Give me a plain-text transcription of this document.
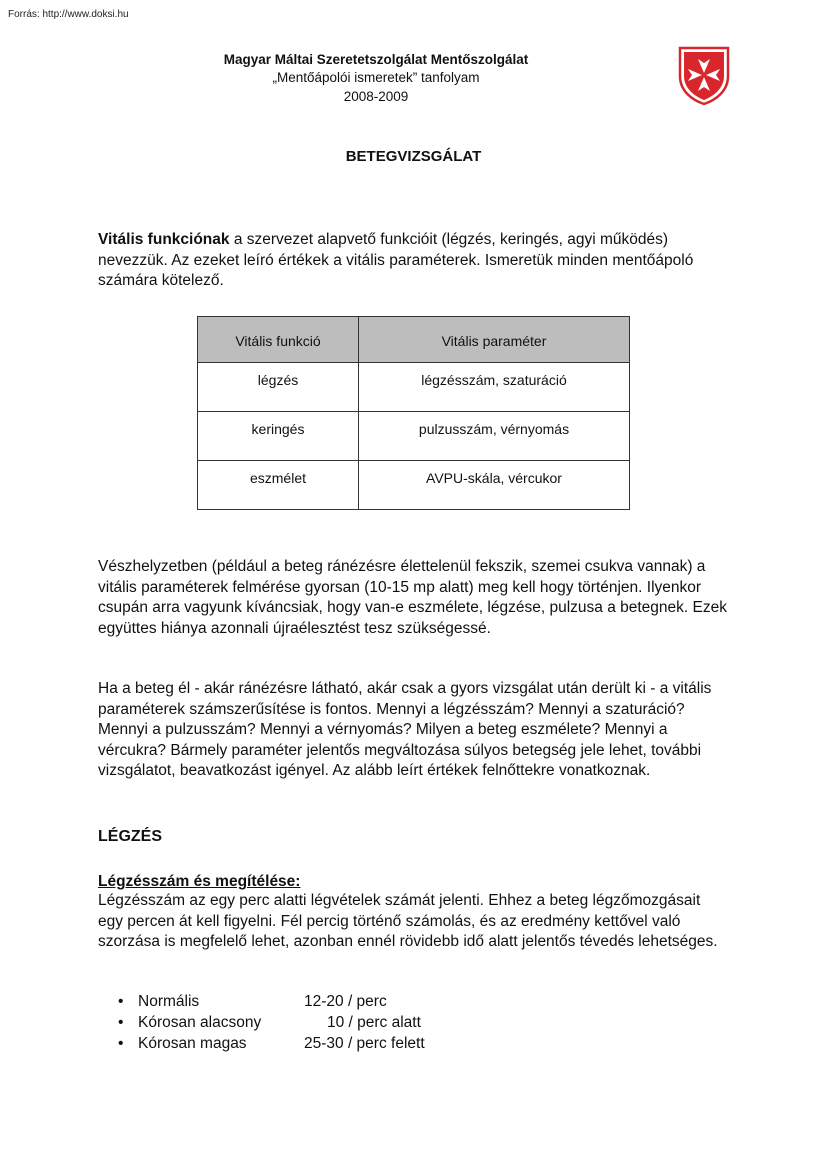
Forrás: http://www.doksi.hu
Magyar Máltai Szeretetszolgálat Mentőszolgálat
„Mentőápolói ismeretek” tanfolyam
2008-2009
BETEGVIZSGÁLAT

Vitális funkciónak a szervezet alapvető funkcióit (légzés, keringés, agyi működés) nevezzük. Az ezeket leíró értékek a vitális paraméterek. Ismeretük minden mentőápoló számára kötelező.

Vitális funkció	Vitális paraméter
légzés	légzésszám, szaturáció
keringés	pulzusszám, vérnyomás
eszmélet	AVPU-skála, vércukor

Vészhelyzetben (például a beteg ránézésre élettelenül fekszik, szemei csukva vannak) a vitális paraméterek felmérése gyorsan (10-15 mp alatt) meg kell hogy történjen. Ilyenkor csupán arra vagyunk kíváncsiak, hogy van-e eszmélete, légzése, pulzusa a betegnek. Ezek együttes hiánya azonnali újraélesztést tesz szükségessé.

Ha a beteg él - akár ránézésre látható, akár csak a gyors vizsgálat után derült ki - a vitális paraméterek számszerűsítése is fontos. Mennyi a légzésszám? Mennyi a szaturáció? Mennyi a pulzusszám? Mennyi a vérnyomás? Milyen a beteg eszmélete? Mennyi a vércukra? Bármely paraméter jelentős megváltozása súlyos betegség jele lehet, további vizsgálatot, beavatkozást igényel. Az alább leírt értékek felnőttekre vonatkoznak.

LÉGZÉS
Légzésszám és megítélése:

Légzésszám az egy perc alatti légvételek számát jelenti. Ehhez a beteg légzőmozgásait egy percen át kell figyelni. Fél percig történő számolás, és az eredmény kettővel való szorzása is megfelelő lehet, azonban ennél rövidebb idő alatt jelentős tévedés lehetséges.

• Normális	12-20 / perc
• Kórosan alacsony	10 / perc alatt
• Kórosan magas	25-30 / perc felett
